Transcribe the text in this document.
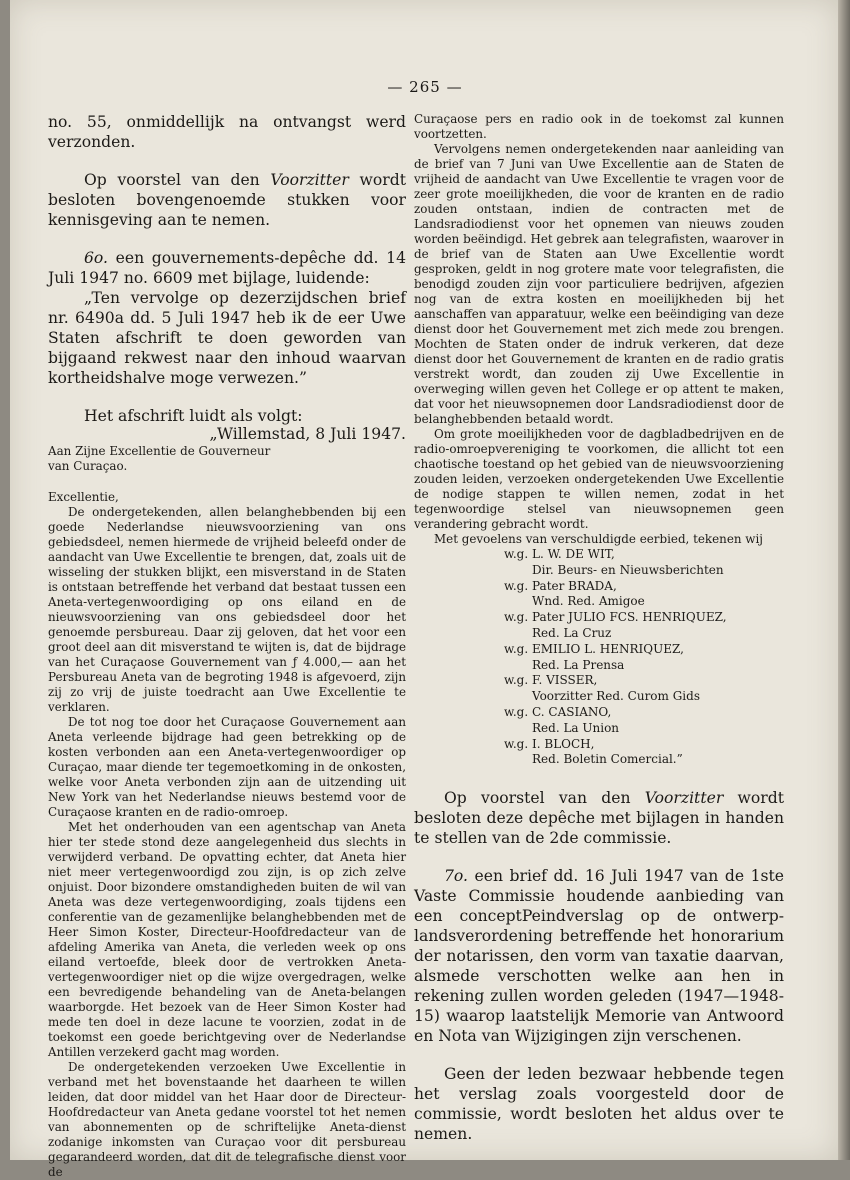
— 265 —

no. 55, onmiddellijk na ontvangst werd verzonden.

Op voorstel van den Voorzitter wordt besloten bovengenoemde stukken voor kennisgeving aan te nemen.

6o. een gouvernements-depêche dd. 14 Juli 1947 no. 6609 met bijlage, luidende:

„Ten vervolge op dezerzijdschen brief nr. 6490a dd. 5 Juli 1947 heb ik de eer Uwe Staten afschrift te doen geworden van bijgaand rekwest naar den inhoud waarvan kortheidshalve moge verwezen.”

Het afschrift luidt als volgt:

„Willemstad, 8 Juli 1947.

Aan Zijne Excellentie de Gouverneur

van Curaçao.

Excellentie,

De ondergetekenden, allen belanghebbenden bij een goede Nederlandse nieuwsvoorziening van ons gebiedsdeel, nemen hiermede de vrijheid beleefd onder de aandacht van Uwe Excellentie te brengen, dat, zoals uit de wisseling der stukken blijkt, een misverstand in de Staten is ontstaan betreffende het verband dat bestaat tussen een Aneta-vertegenwoordiging op ons eiland en de nieuwsvoorziening van ons gebiedsdeel door het genoemde persbureau. Daar zij geloven, dat het voor een groot deel aan dit misverstand te wijten is, dat de bijdrage van het Curaçaose Gouvernement van ƒ 4.000,— aan het Persbureau Aneta van de begroting 1948 is afgevoerd, zijn zij zo vrij de juiste toedracht aan Uwe Excellentie te verklaren.

De tot nog toe door het Curaçaose Gouvernement aan Aneta verleende bijdrage had geen betrekking op de kosten verbonden aan een Aneta-vertegenwoordiger op Curaçao, maar diende ter tegemoetkoming in de onkosten, welke voor Aneta verbonden zijn aan de uitzending uit New York van het Nederlandse nieuws bestemd voor de Curaçaose kranten en de radio-omroep.

Met het onderhouden van een agentschap van Aneta hier ter stede stond deze aangelegenheid dus slechts in verwijderd verband. De opvatting echter, dat Aneta hier niet meer vertegenwoordigd zou zijn, is op zich zelve onjuist. Door bizondere omstandigheden buiten de wil van Aneta was deze vertegenwoordiging, zoals tijdens een conferentie van de gezamenlijke belanghebbenden met de Heer Simon Koster, Directeur-Hoofdredacteur van de afdeling Amerika van Aneta, die verleden week op ons eiland vertoefde, bleek door de vertrokken Aneta-vertegenwoordiger niet op die wijze overgedragen, welke een bevredigende behandeling van de Aneta-belangen waarborgde. Het bezoek van de Heer Simon Koster had mede ten doel in deze lacune te voorzien, zodat in de toekomst een goede berichtgeving over de Nederlandse Antillen verzekerd gacht mag worden.

De ondergetekenden verzoeken Uwe Excellentie in verband met het bovenstaande het daarheen te willen leiden, dat door middel van het Haar door de Directeur-Hoofdredacteur van Aneta gedane voorstel tot het nemen van abonnementen op de schriftelijke Aneta-dienst zodanige inkomsten van Curaçao voor dit persbureau gegarandeerd worden, dat dit de telegrafische dienst voor de

Curaçaose pers en radio ook in de toekomst zal kunnen voortzetten.

Vervolgens nemen ondergetekenden naar aanleiding van de brief van 7 Juni van Uwe Excellentie aan de Staten de vrijheid de aandacht van Uwe Excellentie te vragen voor de zeer grote moeilijkheden, die voor de kranten en de radio zouden ontstaan, indien de contracten met de Landsradiodienst voor het opnemen van nieuws zouden worden beëindigd. Het gebrek aan telegrafisten, waarover in de brief van de Staten aan Uwe Excellentie wordt gesproken, geldt in nog grotere mate voor telegrafisten, die benodigd zouden zijn voor particuliere bedrijven, afgezien nog van de extra kosten en moeilijkheden bij het aanschaffen van apparatuur, welke een beëindiging van deze dienst door het Gouvernement met zich mede zou brengen. Mochten de Staten onder de indruk verkeren, dat deze dienst door het Gouvernement de kranten en de radio gratis verstrekt wordt, dan zouden zij Uwe Excellentie in overweging willen geven het College er op attent te maken, dat voor het nieuwsopnemen door Landsradiodienst door de belanghebbenden betaald wordt.

Om grote moeilijkheden voor de dagbladbedrijven en de radio-omroepvereniging te voorkomen, die allicht tot een chaotische toestand op het gebied van de nieuwsvoorziening zouden leiden, verzoeken ondergetekenden Uwe Excellentie de nodige stappen te willen nemen, zodat in het tegenwoordige stelsel van nieuwsopnemen geen verandering gebracht wordt.

Met gevoelens van verschuldigde eerbied, tekenen wij

w.g. L. W. DE WIT,
Dir. Beurs- en Nieuwsberichten
w.g. Pater BRADA,
Wnd. Red. Amigoe
w.g. Pater JULIO FCS. HENRIQUEZ,
Red. La Cruz
w.g. EMILIO L. HENRIQUEZ,
Red. La Prensa
w.g. F. VISSER,
Voorzitter Red. Curom Gids
w.g. C. CASIANO,
Red. La Union
w.g. I. BLOCH,
Red. Boletin Comercial.”

Op voorstel van den Voorzitter wordt besloten deze depêche met bijlagen in handen te stellen van de 2de commissie.

7o. een brief dd. 16 Juli 1947 van de 1ste Vaste Commissie houdende aanbieding van een conceptPeindverslag op de ontwerp- landsverordening betreffende het honorarium der notarissen, den vorm van taxatie daarvan, alsmede verschotten welke aan hen in rekening zullen worden geleden (1947—1948-15) waarop laatstelijk Memorie van Antwoord en Nota van Wijzigingen zijn verschenen.

Geen der leden bezwaar hebbende tegen het verslag zoals voorgesteld door de commissie, wordt besloten het aldus over te nemen.
